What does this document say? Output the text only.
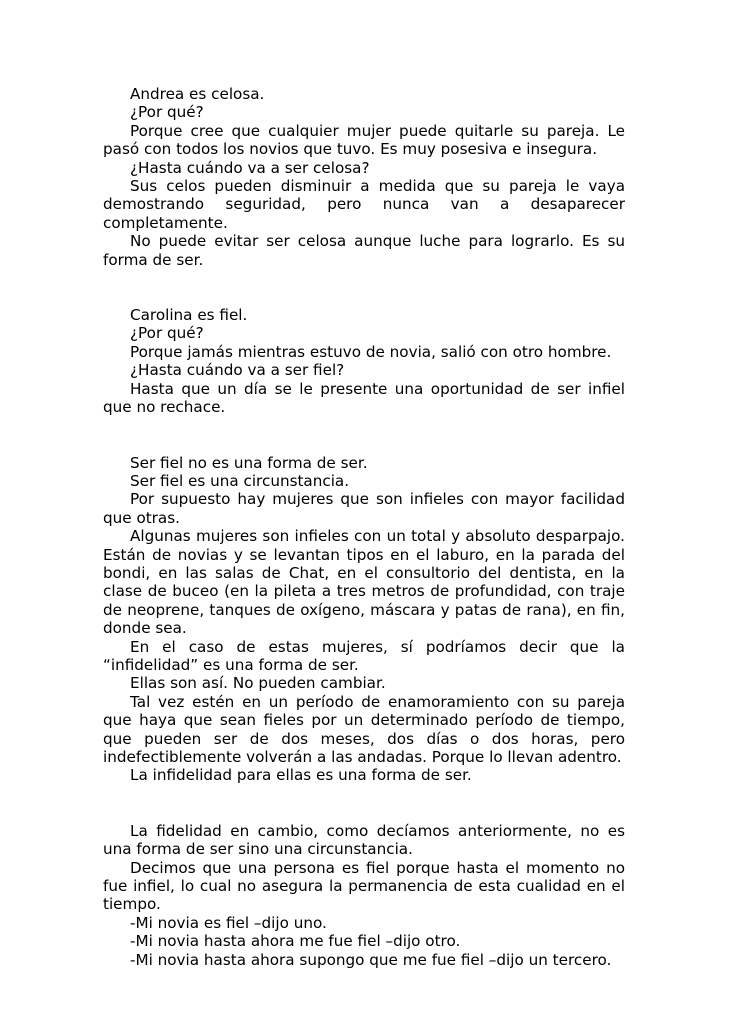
Andrea es celosa.

¿Por qué?

Porque cree que cualquier mujer puede quitarle su pareja. Le pasó con todos los novios que tuvo. Es muy posesiva e insegura.

¿Hasta cuándo va a ser celosa?

Sus celos pueden disminuir a medida que su pareja le vaya demostrando seguridad, pero nunca van a desaparecer completamente.

No puede evitar ser celosa aunque luche para lograrlo. Es su forma de ser.

Carolina es fiel.

¿Por qué?

Porque jamás mientras estuvo de novia, salió con otro hombre.

¿Hasta cuándo va a ser fiel?

Hasta que un día se le presente una oportunidad de ser infiel que no rechace.

Ser fiel no es una forma de ser.

Ser fiel es una circunstancia.

Por supuesto hay mujeres que son infieles con mayor facilidad que otras.

Algunas mujeres son infieles con un total y absoluto desparpajo. Están de novias y se levantan tipos en el laburo, en la parada del bondi, en las salas de Chat, en el consultorio del dentista, en la clase de buceo (en la pileta a tres metros de profundidad, con traje de neoprene, tanques de oxígeno, máscara y patas de rana), en fin, donde sea.

En el caso de estas mujeres, sí podríamos decir que la “infidelidad” es una forma de ser.

Ellas son así. No pueden cambiar.

Tal vez estén en un período de enamoramiento con su pareja que haya que sean fieles por un determinado período de tiempo, que pueden ser de dos meses, dos días o dos horas, pero indefectiblemente volverán a las andadas. Porque lo llevan adentro.

La infidelidad para ellas es una forma de ser.

La fidelidad en cambio, como decíamos anteriormente, no es una forma de ser sino una circunstancia.

Decimos que una persona es fiel porque hasta el momento no fue infiel, lo cual no asegura la permanencia de esta cualidad en el tiempo.

-Mi novia es fiel –dijo uno.

-Mi novia hasta ahora me fue fiel –dijo otro.

-Mi novia hasta ahora supongo que me fue fiel –dijo un tercero.
